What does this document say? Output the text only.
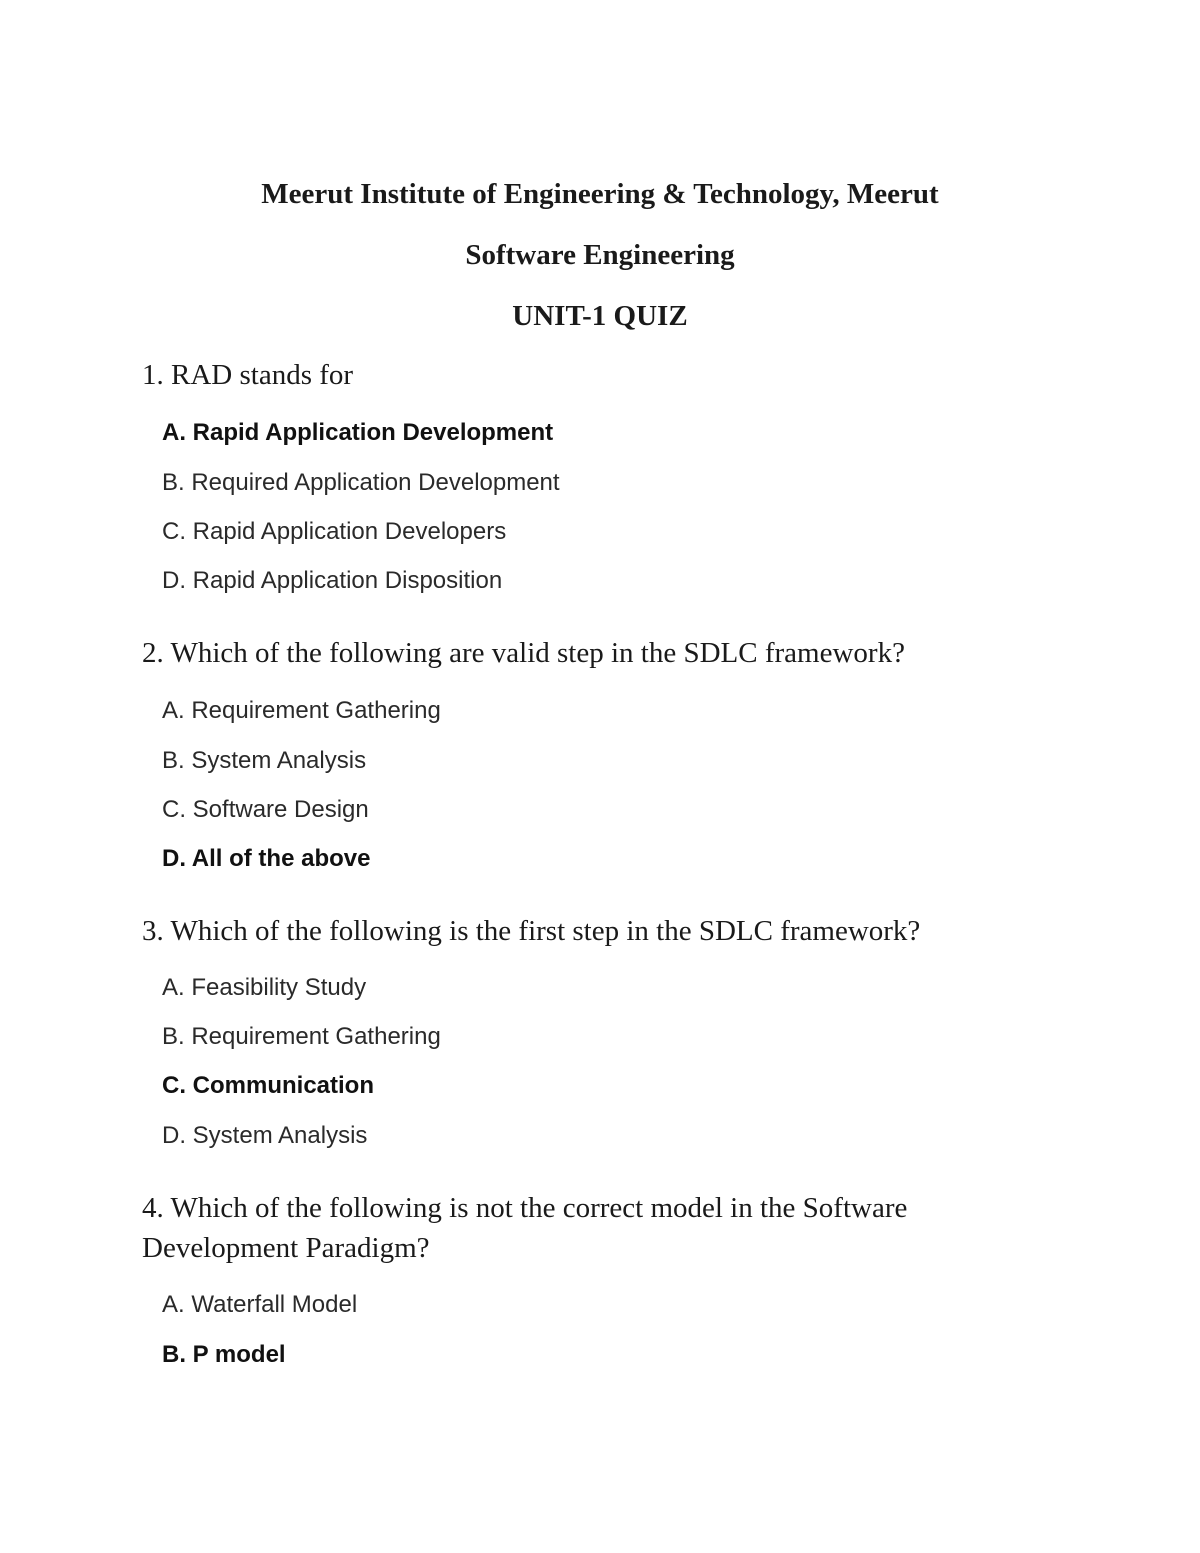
Meerut Institute of Engineering & Technology, Meerut
Software Engineering
UNIT-1 QUIZ
1. RAD stands for
A. Rapid Application Development
B. Required Application Development
C. Rapid Application Developers
D. Rapid Application Disposition
2. Which of the following are valid step in the SDLC framework?
A. Requirement Gathering
B. System Analysis
C. Software Design
D. All of the above
3. Which of the following is the first step in the SDLC framework?
A. Feasibility Study
B. Requirement Gathering
C. Communication
D. System Analysis
4. Which of the following is not the correct model in the Software Development Paradigm?
A. Waterfall Model
B. P model
